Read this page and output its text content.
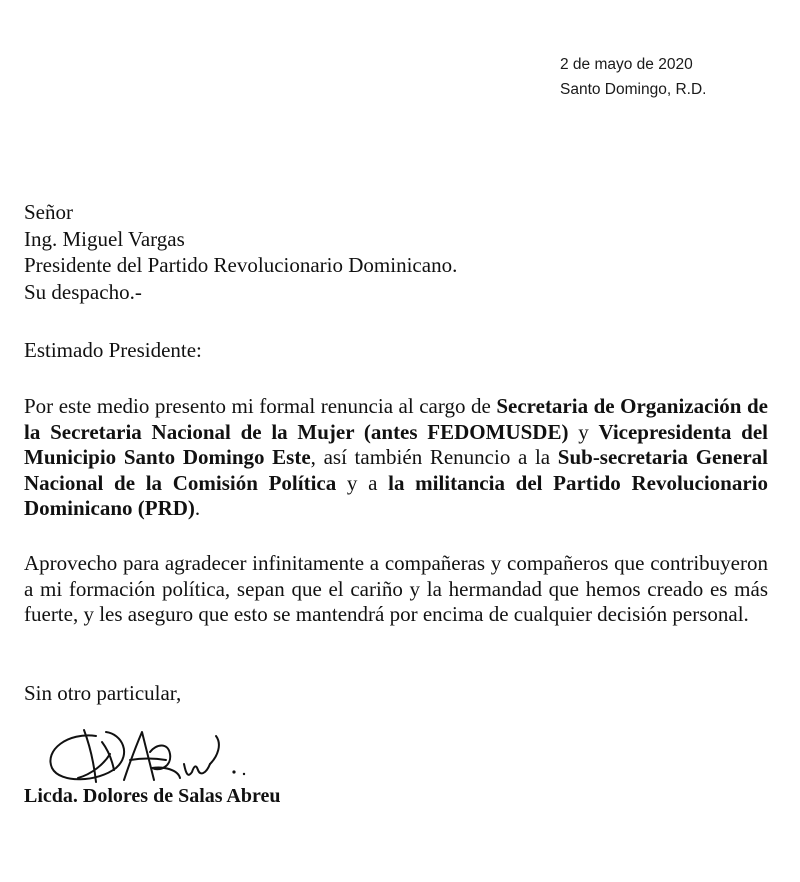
2 de mayo de 2020
Santo Domingo, R.D.
Señor
Ing. Miguel Vargas
Presidente del Partido Revolucionario Dominicano.
Su despacho.-
Estimado Presidente:
Por este medio presento mi formal renuncia al cargo de Secretaria de Organización de la Secretaria Nacional de la Mujer (antes FEDOMUSDE) y Vicepresidenta del Municipio Santo Domingo Este, así también Renuncio a la Sub-secretaria General Nacional de la Comisión Política y a la militancia del Partido Revolucionario Dominicano (PRD).
Aprovecho para agradecer infinitamente a compañeras y compañeros que contribuyeron a mi formación política, sepan que el cariño y la hermandad que hemos creado es más fuerte, y les aseguro que esto se mantendrá por encima de cualquier decisión personal.
Sin otro particular,
Licda. Dolores de Salas Abreu
